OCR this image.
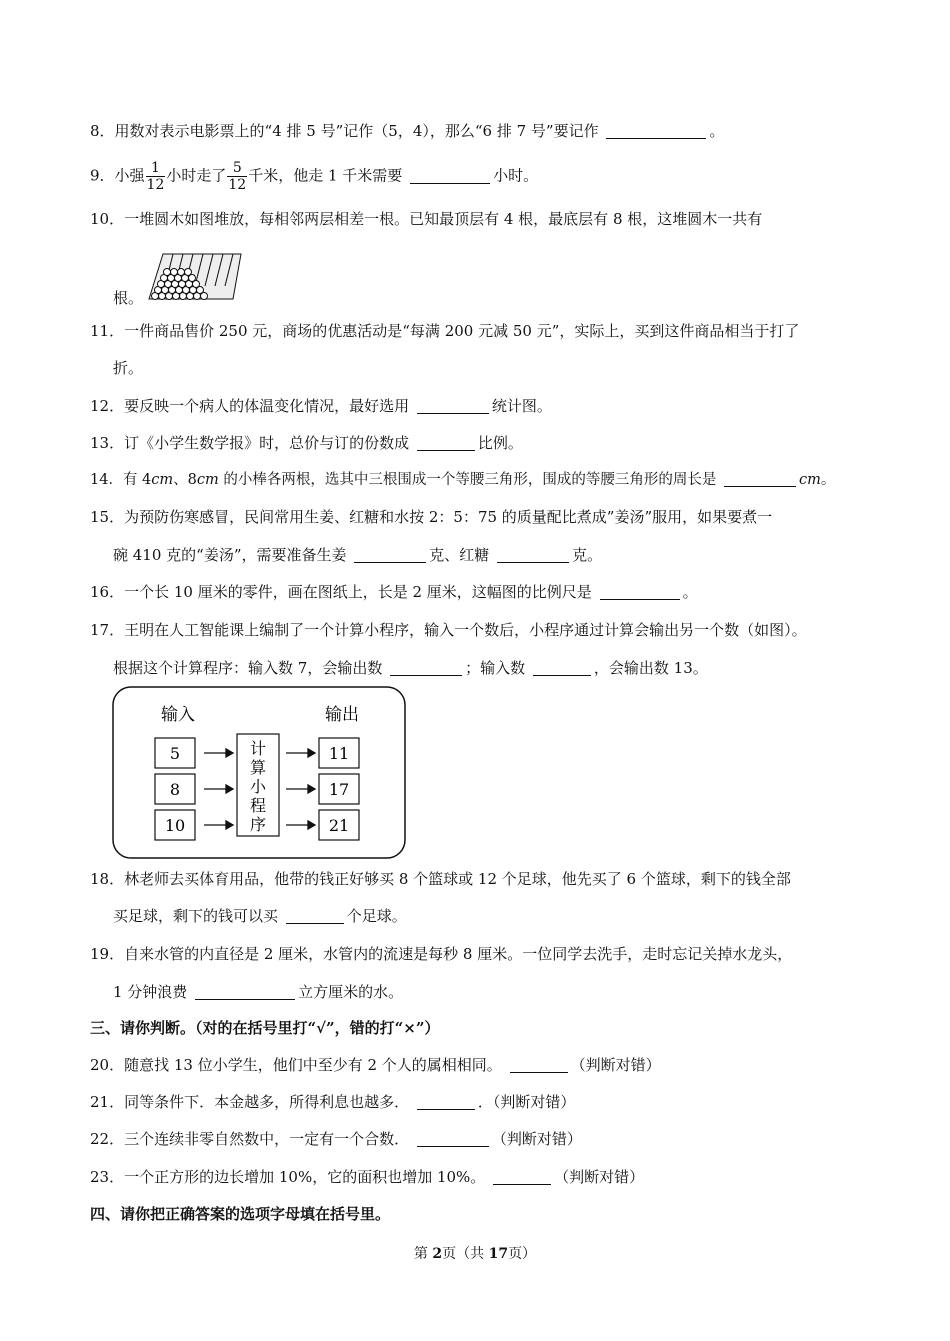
8．用数对表示电影票上的“4 排 5 号”记作（5，4），那么“6 排 7 号”要记作	。
9．小强 $\frac{1}{12}$ 小时走了 $\frac{5}{12}$ 千米，他走 1 千米需要	小时。
10．一堆圆木如图堆放，每相邻两层相差一根。已知最顶层有 4 根，最底层有 8 根，这堆圆木一共有
根。
11．一件商品售价 250 元，商场的优惠活动是“每满 200 元减 50 元”，实际上，买到这件商品相当于打了
折。
12．要反映一个病人的体温变化情况，最好选用	统计图。
13．订《小学生数学报》时，总价与订的份数成	比例。
14．有 4cm、8cm 的小棒各两根，选其中三根围成一个等腰三角形，围成的等腰三角形的周长是	cm。
15．为预防伤寒感冒，民间常用生姜、红糖和水按 2：5：75 的质量配比煮成”姜汤”服用，如果要煮一
碗 410 克的“姜汤”，需要准备生姜	克、红糖	克。
16．一个长 10 厘米的零件，画在图纸上，长是 2 厘米，这幅图的比例尺是	。
17．王明在人工智能课上编制了一个计算小程序，输入一个数后，小程序通过计算会输出另一个数（如图）。
根据这个计算程序：输入数 7，会输出数	；输入数	，会输出数 13。
输入	输出
5
8
10
11
17
21
计
算
小
程
序
18．林老师去买体育用品，他带的钱正好够买 8 个篮球或 12 个足球，他先买了 6 个篮球，剩下的钱全部
买足球，剩下的钱可以买	个足球。
19．自来水管的内直径是 2 厘米，水管内的流速是每秒 8 厘米。一位同学去洗手，走时忘记关掉水龙头，
1 分钟浪费	立方厘米的水。
三、请你判断。（对的在括号里打“√”，错的打“×”）
20．随意找 13 位小学生，他们中至少有 2 个人的属相相同。	（判断对错）
21．同等条件下．本金越多，所得利息也越多．	．（判断对错）
22．三个连续非零自然数中，一定有一个合数．	（判断对错）
23．一个正方形的边长增加 10%，它的面积也增加 10%。	（判断对错）
四、请你把正确答案的选项字母填在括号里。
第 2页（共 17页）
